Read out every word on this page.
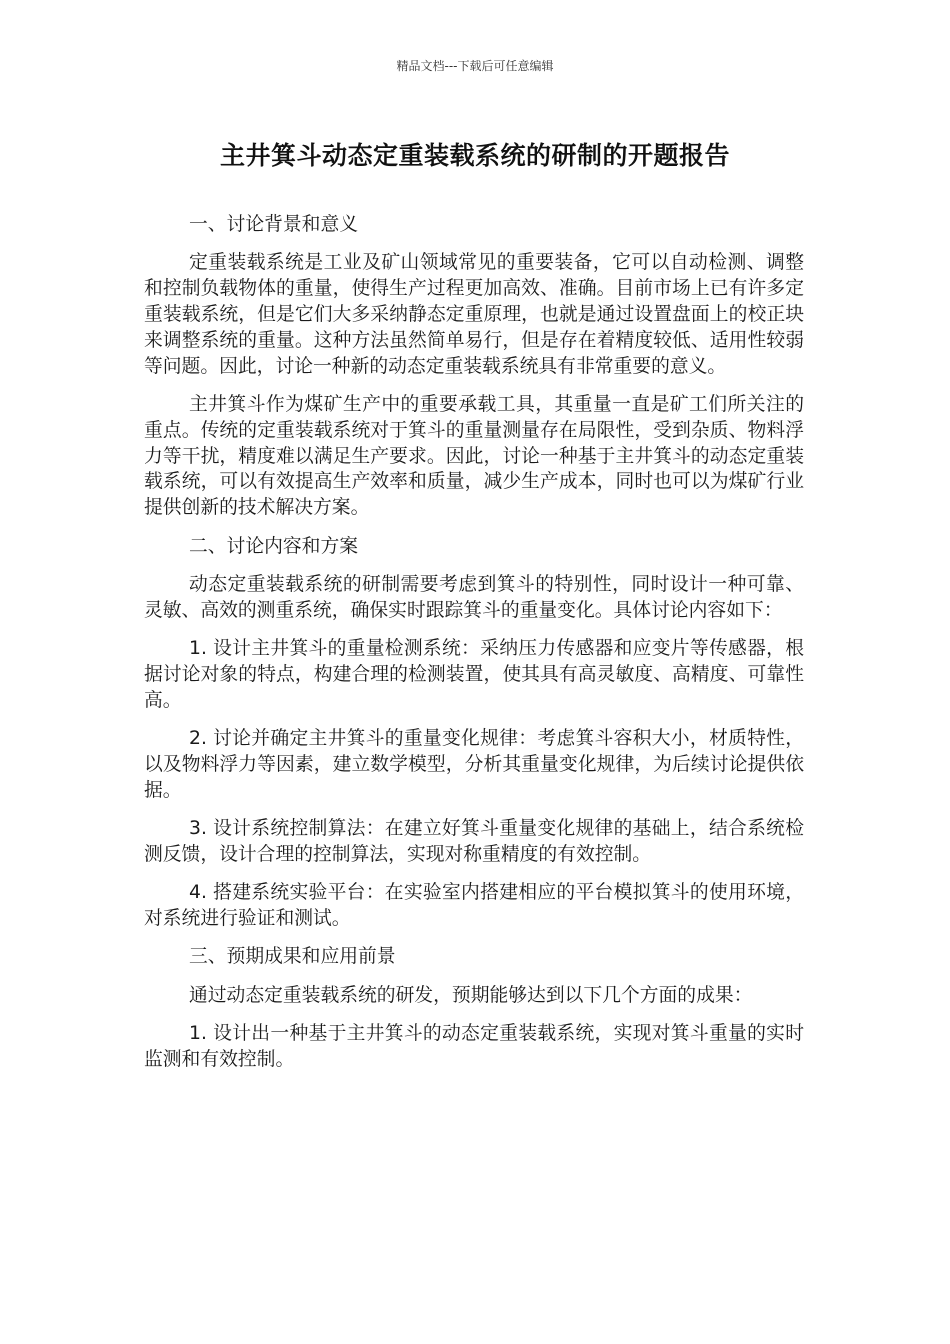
精品文档---下载后可任意编辑
主井箕斗动态定重装载系统的研制的开题报告

一、讨论背景和意义

定重装载系统是工业及矿山领域常见的重要装备，它可以自动检测、调整和控制负载物体的重量，使得生产过程更加高效、准确。目前市场上已有许多定重装载系统，但是它们大多采纳静态定重原理，也就是通过设置盘面上的校正块来调整系统的重量。这种方法虽然简单易行，但是存在着精度较低、适用性较弱等问题。因此，讨论一种新的动态定重装载系统具有非常重要的意义。

主井箕斗作为煤矿生产中的重要承载工具，其重量一直是矿工们所关注的重点。传统的定重装载系统对于箕斗的重量测量存在局限性，受到杂质、物料浮力等干扰，精度难以满足生产要求。因此，讨论一种基于主井箕斗的动态定重装载系统，可以有效提高生产效率和质量，减少生产成本，同时也可以为煤矿行业提供创新的技术解决方案。

二、讨论内容和方案

动态定重装载系统的研制需要考虑到箕斗的特别性，同时设计一种可靠、灵敏、高效的测重系统，确保实时跟踪箕斗的重量变化。具体讨论内容如下：

1. 设计主井箕斗的重量检测系统：采纳压力传感器和应变片等传感器，根据讨论对象的特点，构建合理的检测装置，使其具有高灵敏度、高精度、可靠性高。

2. 讨论并确定主井箕斗的重量变化规律：考虑箕斗容积大小，材质特性，以及物料浮力等因素，建立数学模型，分析其重量变化规律，为后续讨论提供依据。

3. 设计系统控制算法：在建立好箕斗重量变化规律的基础上，结合系统检测反馈，设计合理的控制算法，实现对称重精度的有效控制。

4. 搭建系统实验平台：在实验室内搭建相应的平台模拟箕斗的使用环境，对系统进行验证和测试。

三、预期成果和应用前景

通过动态定重装载系统的研发，预期能够达到以下几个方面的成果：

1. 设计出一种基于主井箕斗的动态定重装载系统，实现对箕斗重量的实时监测和有效控制。
